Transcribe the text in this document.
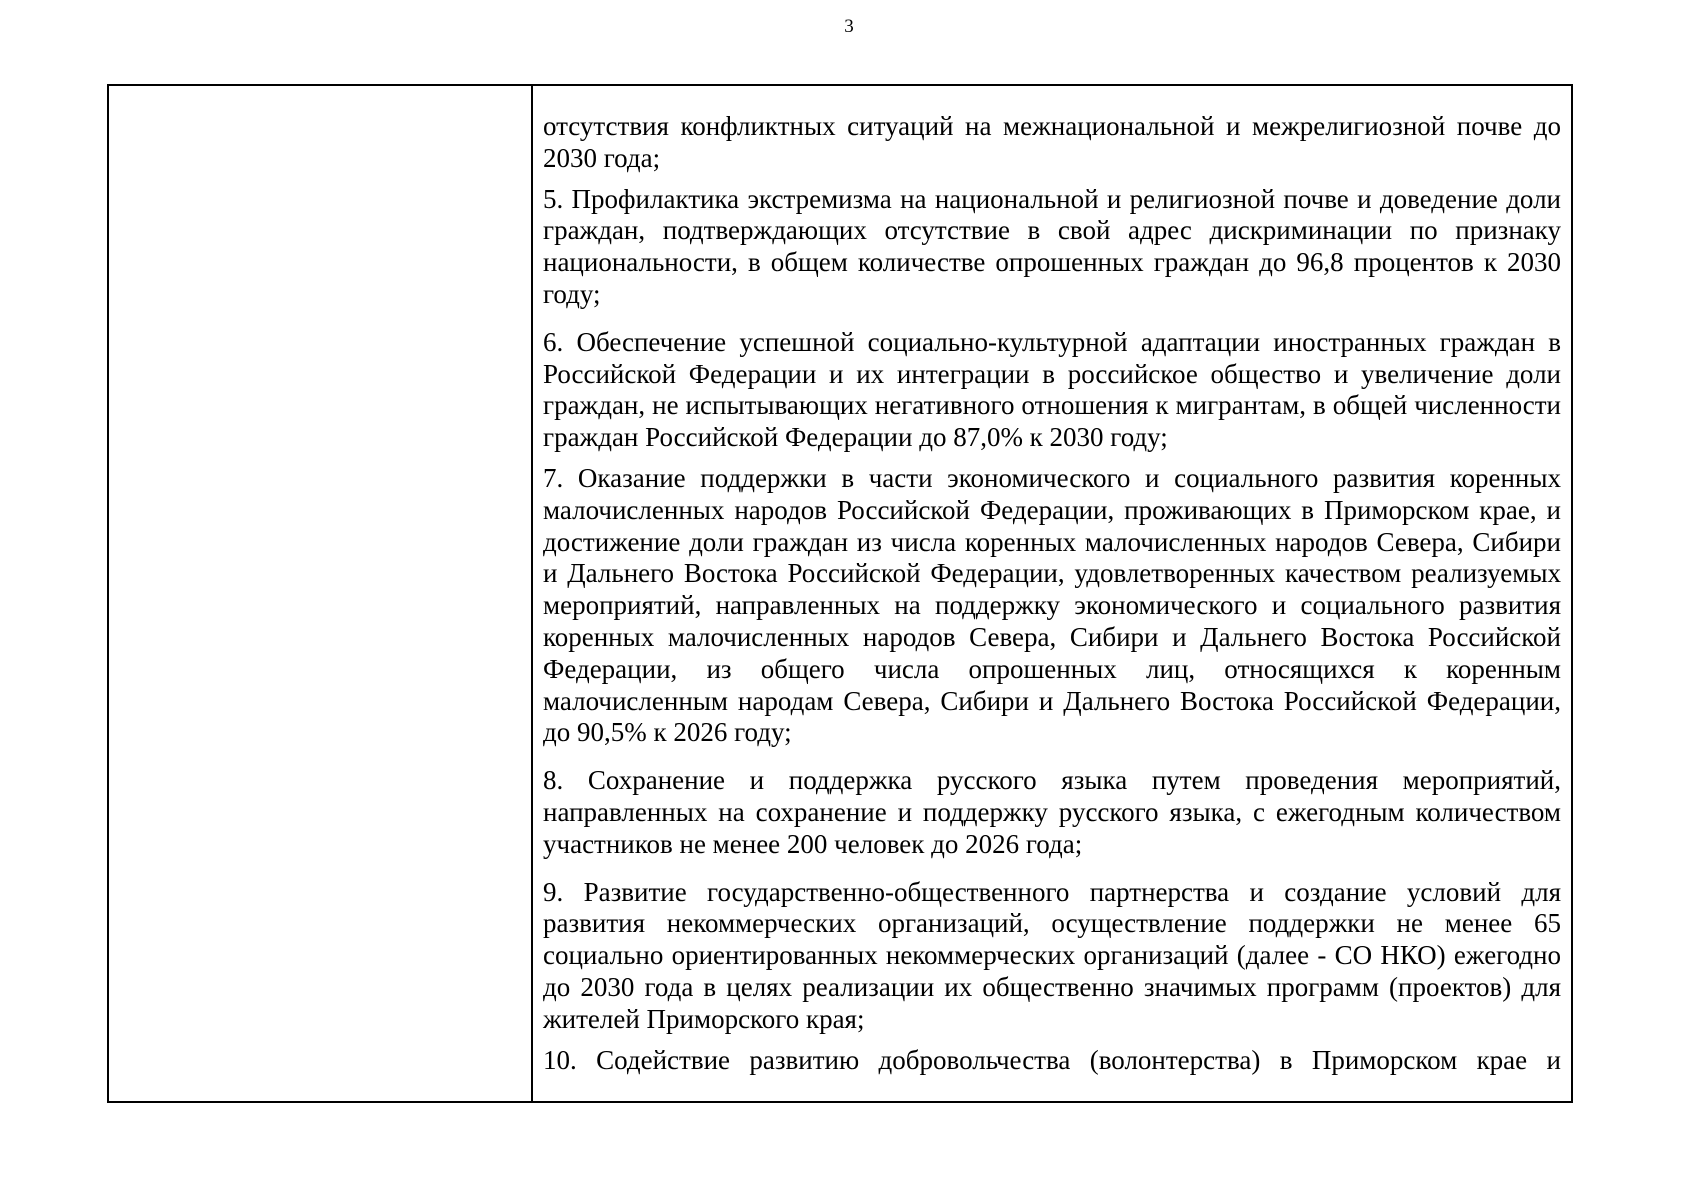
3

отсутствия конфликтных ситуаций на межнациональной и межрелигиозной почве до 2030 года;
5. Профилактика экстремизма на национальной и религиозной почве и доведение доли граждан, подтверждающих отсутствие в свой адрес дискриминации по признаку национальности, в общем количестве опрошенных граждан до 96,8 процентов к 2030 году;
6. Обеспечение успешной социально-культурной адаптации иностранных граждан в Российской Федерации и их интеграции в российское общество и увеличение доли граждан, не испытывающих негативного отношения к мигрантам, в общей численности граждан Российской Федерации до 87,0% к 2030 году;
7. Оказание поддержки в части экономического и социального развития коренных малочисленных народов Российской Федерации, проживающих в Приморском крае, и достижение доли граждан из числа коренных малочисленных народов Севера, Сибири и Дальнего Востока Российской Федерации, удовлетворенных качеством реализуемых мероприятий, направленных на поддержку экономического и социального развития коренных малочисленных народов Севера, Сибири и Дальнего Востока Российской Федерации, из общего числа опрошенных лиц, относящихся к коренным малочисленным народам Севера, Сибири и Дальнего Востока Российской Федерации, до 90,5% к 2026 году;
8. Сохранение и поддержка русского языка путем проведения мероприятий, направленных на сохранение и поддержку русского языка, с ежегодным количеством участников не менее 200 человек до 2026 года;
9. Развитие государственно-общественного партнерства и создание условий для развития некоммерческих организаций, осуществление поддержки не менее 65 социально ориентированных некоммерческих организаций (далее - СО НКО) ежегодно до 2030 года в целях реализации их общественно значимых программ (проектов) для жителей Приморского края;
10. Содействие развитию добровольчества (волонтерства) в Приморском крае и
